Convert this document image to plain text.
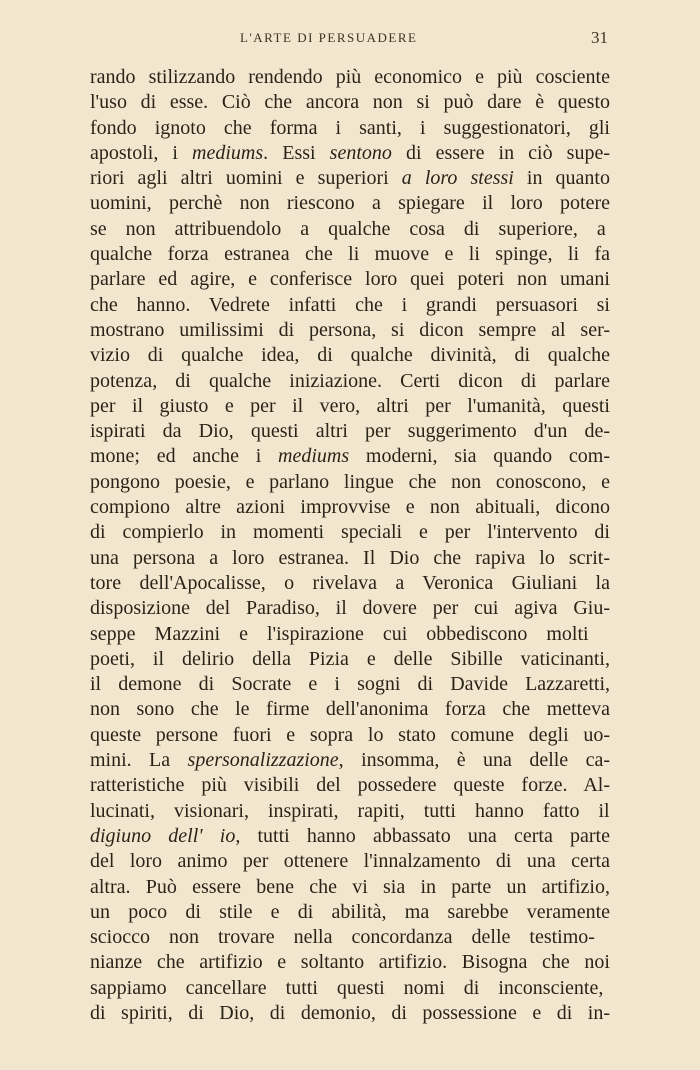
L'ARTE DI PERSUADERE	31
rando stilizzando rendendo più economico e più cosciente
l'uso di esse. Ciò che ancora non si può dare è questo
fondo ignoto che forma i santi, i suggestionatori, gli
apostoli, i mediums. Essi sentono di essere in ciò supe-
riori agli altri uomini e superiori a loro stessi in quanto
uomini, perchè non riescono a spiegare il loro potere
se non attribuendolo a qualche cosa di superiore, a
qualche forza estranea che li muove e li spinge, li fa
parlare ed agire, e conferisce loro quei poteri non umani
che hanno. Vedrete infatti che i grandi persuasori si
mostrano umilissimi di persona, si dicon sempre al ser-
vizio di qualche idea, di qualche divinità, di qualche
potenza, di qualche iniziazione. Certi dicon di parlare
per il giusto e per il vero, altri per l'umanità, questi
ispirati da Dio, questi altri per suggerimento d'un de-
mone; ed anche i mediums moderni, sia quando com-
pongono poesie, e parlano lingue che non conoscono, e
compiono altre azioni improvvise e non abituali, dicono
di compierlo in momenti speciali e per l'intervento di
una persona a loro estranea. Il Dio che rapiva lo scrit-
tore dell'Apocalisse, o rivelava a Veronica Giuliani la
disposizione del Paradiso, il dovere per cui agiva Giu-
seppe Mazzini e l'ispirazione cui obbediscono molti
poeti, il delirio della Pizia e delle Sibille vaticinanti,
il demone di Socrate e i sogni di Davide Lazzaretti,
non sono che le firme dell'anonima forza che metteva
queste persone fuori e sopra lo stato comune degli uo-
mini. La spersonalizzazione, insomma, è una delle ca-
ratteristiche più visibili del possedere queste forze. Al-
lucinati, visionari, inspirati, rapiti, tutti hanno fatto il
digiuno dell' io, tutti hanno abbassato una certa parte
del loro animo per ottenere l'innalzamento di una certa
altra. Può essere bene che vi sia in parte un artifizio,
un poco di stile e di abilità, ma sarebbe veramente
sciocco non trovare nella concordanza delle testimo-
nianze che artifizio e soltanto artifizio. Bisogna che noi
sappiamo cancellare tutti questi nomi di inconsciente,
di spiriti, di Dio, di demonio, di possessione e di in-
